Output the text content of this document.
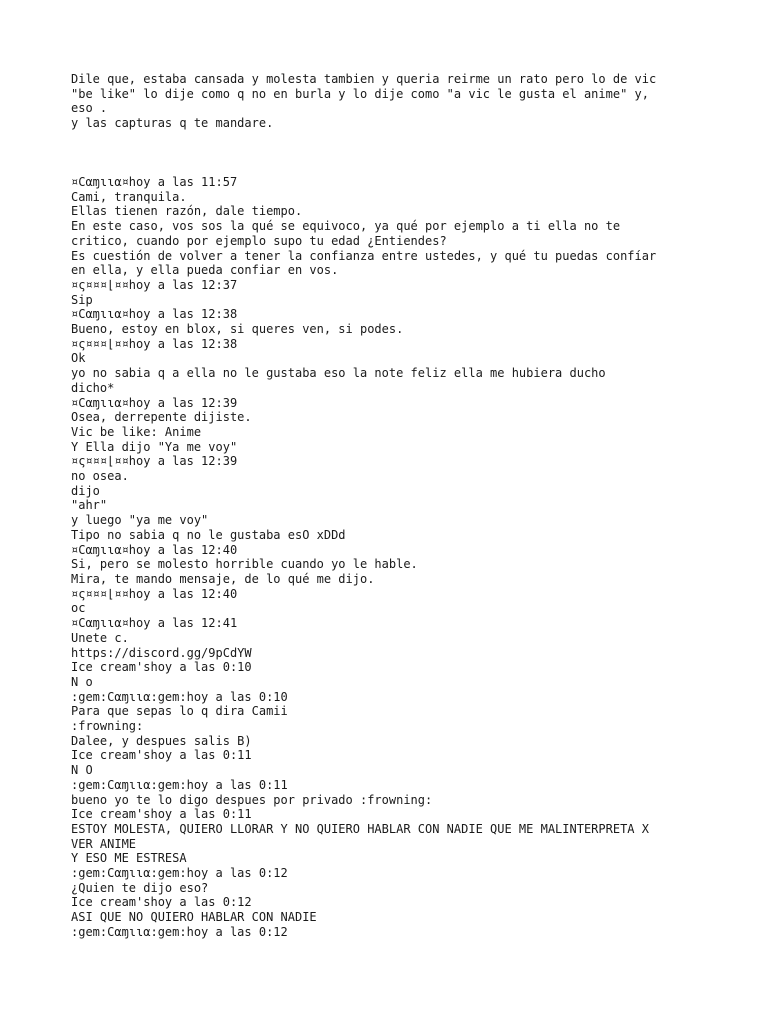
Dile que, estaba cansada y molesta tambien y queria reirme un rato pero lo de vic
"be like" lo dije como q no en burla y lo dije como "a vic le gusta el anime" y,
eso .
y las capturas q te mandare.
¤Cαɱɩɩα¤hoy a las 11:57
Cami, tranquila.
Ellas tienen razón, dale tiempo.
En este caso, vos sos la qué se equivoco, ya qué por ejemplo a ti ella no te
critico, cuando por ejemplo supo tu edad ¿Entiendes?
Es cuestión de volver a tener la confianza entre ustedes, y qué tu puedas confíar
en ella, y ella pueda confiar en vos.
¤ς¤¤¤⌊¤¤hoy a las 12:37
Sip
¤Cαɱɩɩα¤hoy a las 12:38
Bueno, estoy en blox, si queres ven, si podes.
¤ς¤¤¤⌊¤¤hoy a las 12:38
Ok
yo no sabia q a ella no le gustaba eso la note feliz ella me hubiera ducho
dicho*
¤Cαɱɩɩα¤hoy a las 12:39
Osea, derrepente dijiste.
Vic be like: Anime
Y Ella dijo "Ya me voy"
¤ς¤¤¤⌊¤¤hoy a las 12:39
no osea.
dijo
"ahr"
y luego "ya me voy"
Tipo no sabia q no le gustaba esO xDDd
¤Cαɱɩɩα¤hoy a las 12:40
Si, pero se molesto horrible cuando yo le hable.
Mira, te mando mensaje, de lo qué me dijo.
¤ς¤¤¤⌊¤¤hoy a las 12:40
oc
¤Cαɱɩɩα¤hoy a las 12:41
Unete c.
https://discord.gg/9pCdYW
Ice cream'shoy a las 0:10
N o
:gem:Cαɱɩɩα:gem:hoy a las 0:10
Para que sepas lo q dira Camii
:frowning:
Dalee, y despues salis B)
Ice cream'shoy a las 0:11
N O
:gem:Cαɱɩɩα:gem:hoy a las 0:11
bueno yo te lo digo despues por privado :frowning:
Ice cream'shoy a las 0:11
ESTOY MOLESTA, QUIERO LLORAR Y NO QUIERO HABLAR CON NADIE QUE ME MALINTERPRETA X
VER ANIME
Y ESO ME ESTRESA
:gem:Cαɱɩɩα:gem:hoy a las 0:12
¿Quien te dijo eso?
Ice cream'shoy a las 0:12
ASI QUE NO QUIERO HABLAR CON NADIE
:gem:Cαɱɩɩα:gem:hoy a las 0:12
